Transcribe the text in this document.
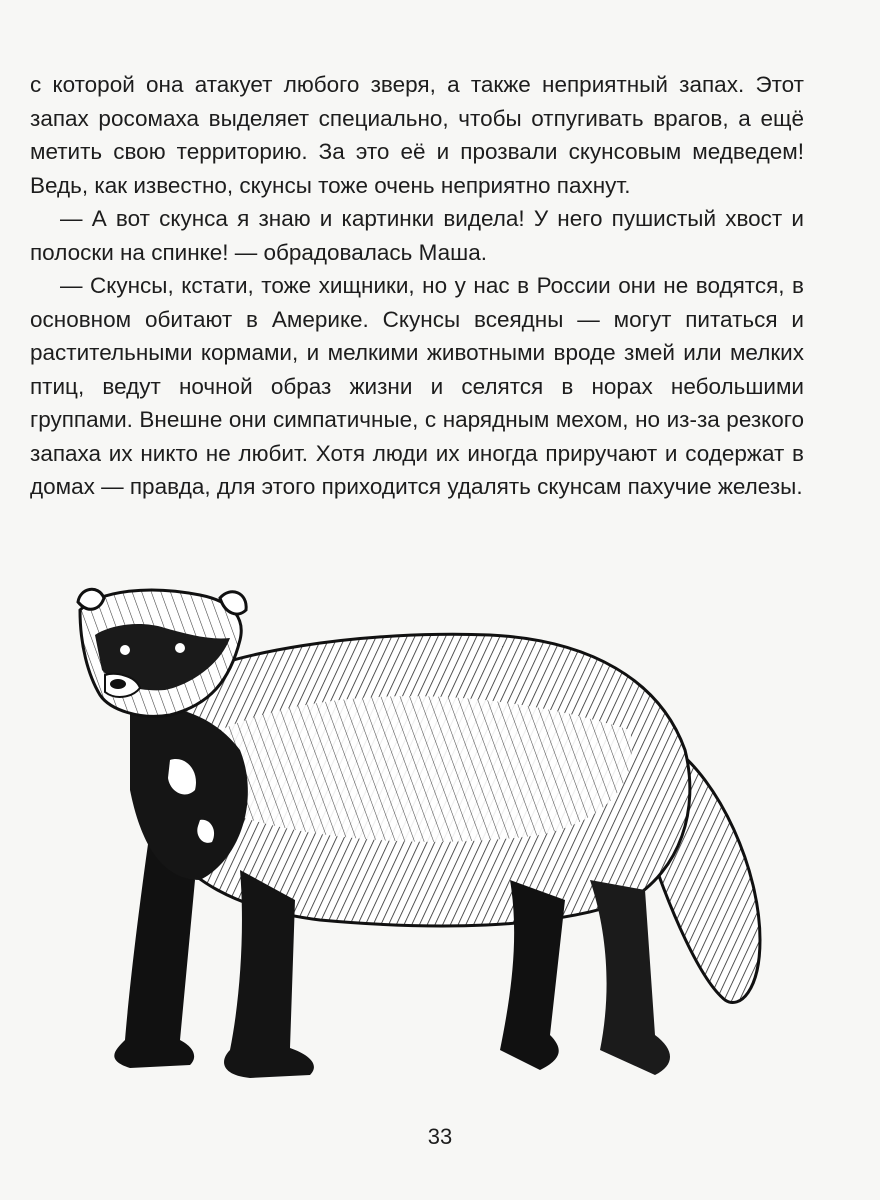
с которой она атакует любого зверя, а также неприятный запах. Этот запах росомаха выделяет специально, чтобы отпугивать врагов, а ещё метить свою территорию. За это её и прозвали скунсовым медведем! Ведь, как известно, скунсы тоже очень неприятно пахнут.

— А вот скунса я знаю и картинки видела! У него пушистый хвост и полоски на спинке! — обрадовалась Маша.

— Скунсы, кстати, тоже хищники, но у нас в России они не водятся, в основном обитают в Америке. Скунсы всеядны — могут питаться и растительными кормами, и мелкими животными вроде змей или мелких птиц, ведут ночной образ жизни и селятся в норах небольшими группами. Внешне они симпатичные, с нарядным мехом, но из-за резкого запаха их никто не любит. Хотя люди их иногда приручают и содержат в домах — правда, для этого приходится удалять скунсам пахучие железы.

33
